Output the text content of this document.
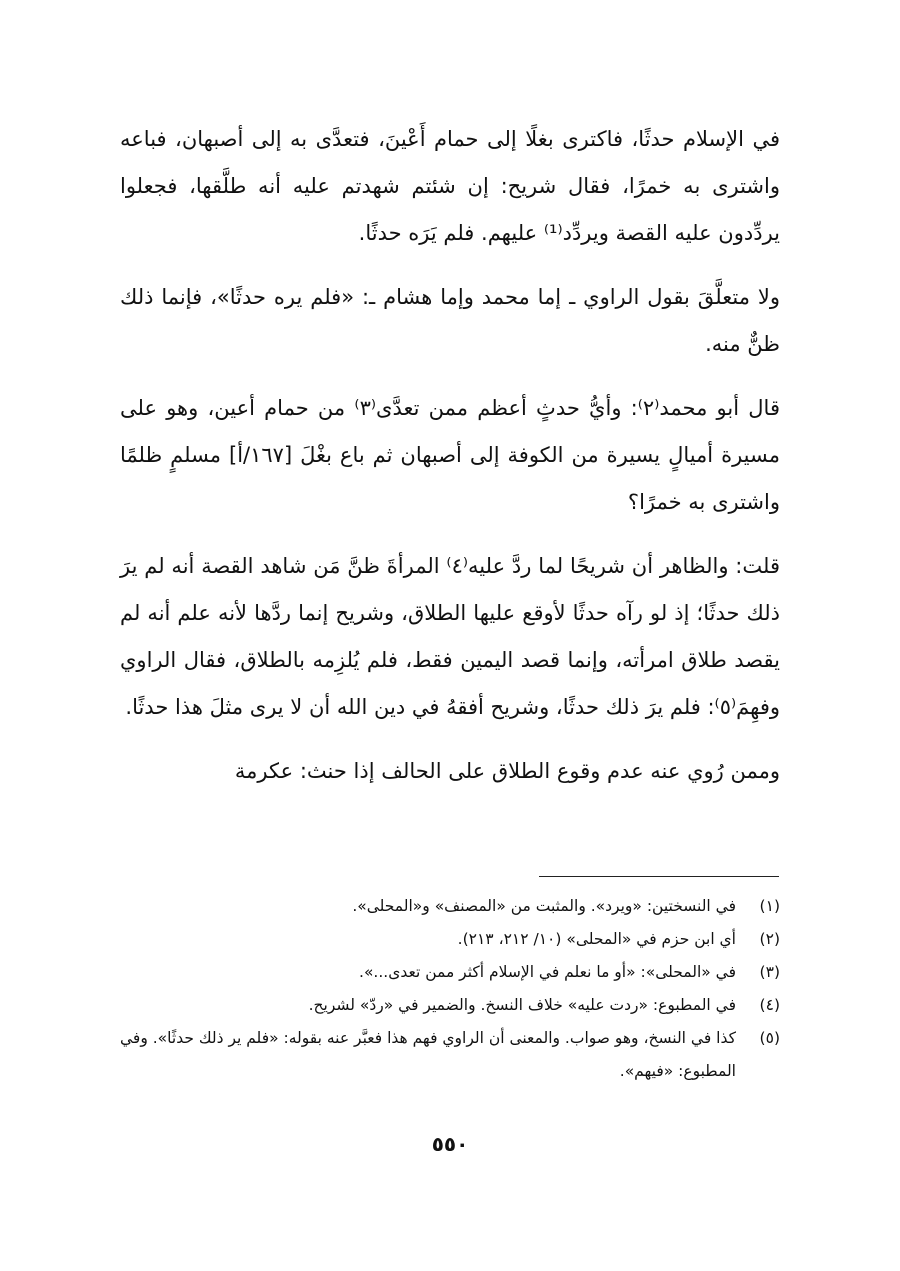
في الإسلام حدثًا، فاكترى بغلًا إلى حمام أَعْينَ، فتعدَّى به إلى أصبهان، فباعه واشترى به خمرًا، فقال شريح: إن شئتم شهدتم عليه أنه طلَّقها، فجعلوا يردِّدون عليه القصة ويردِّد⁽¹⁾ عليهم. فلم يَرَه حدثًا.

ولا متعلَّقَ بقول الراوي ـ إما محمد وإما هشام ـ: «فلم يره حدثًا»، فإنما ذلك ظنٌّ منه.

قال أبو محمد⁽٢⁾: وأيُّ حدثٍ أعظم ممن تعدَّى⁽٣⁾ من حمام أعين، وهو على مسيرة أميالٍ يسيرة من الكوفة إلى أصبهان ثم باع بغْلَ [١٦٧/أ] مسلمٍ ظلمًا واشترى به خمرًا؟

قلت: والظاهر أن شريحًا لما ردَّ عليه⁽٤⁾ المرأةَ ظنَّ مَن شاهد القصة أنه لم يرَ ذلك حدثًا؛ إذ لو رآه حدثًا لأوقع عليها الطلاق، وشريح إنما ردَّها لأنه علم أنه لم يقصد طلاق امرأته، وإنما قصد اليمين فقط، فلم يُلزِمه بالطلاق، فقال الراوي وفهِمَ⁽٥⁾: فلم يرَ ذلك حدثًا، وشريح أفقهُ في دين الله أن لا يرى مثلَ هذا حدثًا.

وممن رُوي عنه عدم وقوع الطلاق على الحالف إذا حنث: عكرمة

(١)
في النسختين: «ويرد». والمثبت من «المصنف» و«المحلى».
(٢)
أي ابن حزم في «المحلى» (١٠/ ٢١٢، ٢١٣).
(٣)
في «المحلى»: «أو ما نعلم في الإسلام أكثر ممن تعدى...».
(٤)
في المطبوع: «ردت عليه» خلاف النسخ. والضمير في «ردّ» لشريح.
(٥)
كذا في النسخ، وهو صواب. والمعنى أن الراوي فهم هذا فعبَّر عنه بقوله: «فلم ير ذلك حدثًا». وفي المطبوع: «فيهم».
٥٥٠
